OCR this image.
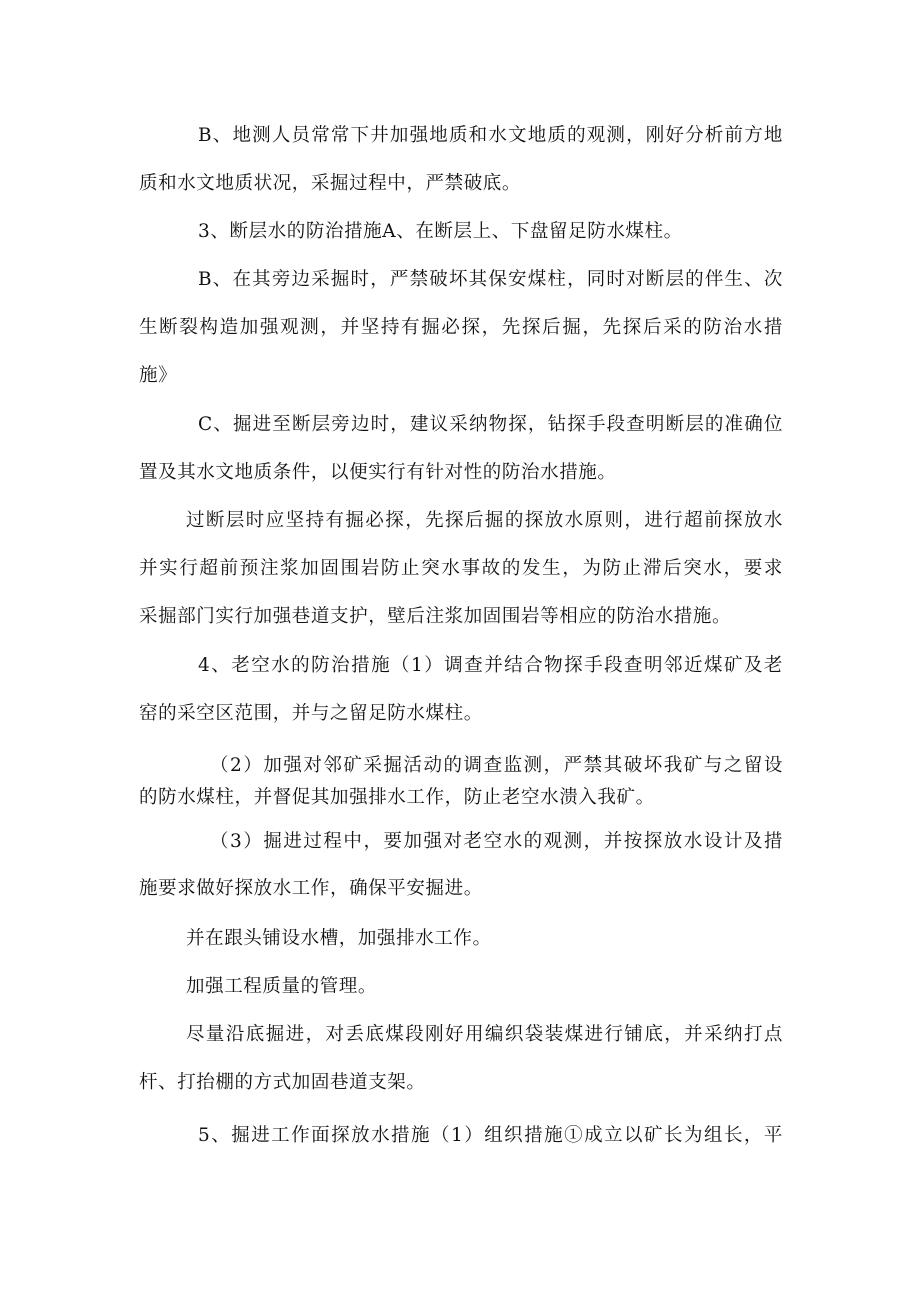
B、地测人员常常下井加强地质和水文地质的观测，刚好分析前方地
质和水文地质状况，采掘过程中，严禁破底。
3、断层水的防治措施A、在断层上、下盘留足防水煤柱。
B、在其旁边采掘时，严禁破坏其保安煤柱，同时对断层的伴生、次
生断裂构造加强观测，并坚持有掘必探，先探后掘，先探后采的防治水措
施》
C、掘进至断层旁边时，建议采纳物探，钻探手段查明断层的准确位
置及其水文地质条件，以便实行有针对性的防治水措施。
过断层时应坚持有掘必探，先探后掘的探放水原则，进行超前探放水
并实行超前预注浆加固围岩防止突水事故的发生，为防止滞后突水，要求
采掘部门实行加强巷道支护，壁后注浆加固围岩等相应的防治水措施。
4、老空水的防治措施（1）调查并结合物探手段查明邻近煤矿及老
窑的采空区范围，并与之留足防水煤柱。
（2）加强对邻矿采掘活动的调查监测，严禁其破坏我矿与之留设
的防水煤柱，并督促其加强排水工作，防止老空水溃入我矿。
（3）掘进过程中，要加强对老空水的观测，并按探放水设计及措
施要求做好探放水工作，确保平安掘进。
并在跟头铺设水槽，加强排水工作。
加强工程质量的管理。
尽量沿底掘进，对丢底煤段刚好用编织袋装煤进行铺底，并采纳打点
杆、打抬棚的方式加固巷道支架。
5、掘进工作面探放水措施（1）组织措施①成立以矿长为组长，平
